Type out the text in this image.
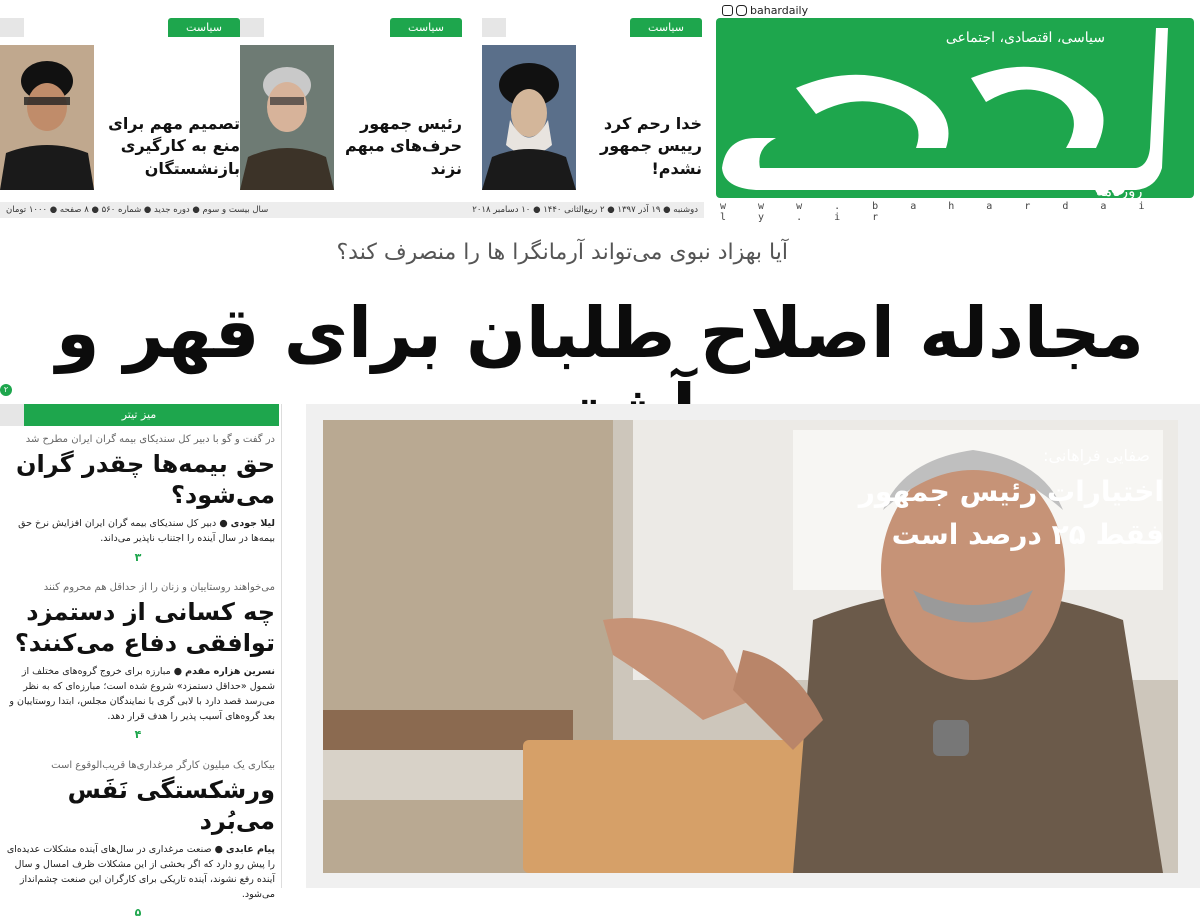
bahardaily
روزنامه
سیاسی، اقتصادی، اجتماعی
w w w . b a h a r d a i l y . i r
سیاست
خدا رحم کرد رییس جمهور نشدم!
سیاست
رئیس جمهور حرف‌های مبهم نزند
سیاست
تصمیم مهم برای منع به کارگیری بازنشستگان
دوشنبه ● ۱۹ آذر ۱۳۹۷ ● ۲ ربیع‌الثانی ۱۴۴۰ ● ۱۰ دسامبر ۲۰۱۸
سال بیست و سوم ● دوره جدید ● شماره ۵۶۰ ● ۸ صفحه ● ۱۰۰۰ تومان
آیا بهزاد نبوی می‌تواند آرمانگرا ها را منصرف کند؟
مجادله اصلاح طلبان برای قهر و
۲
میز تیتر
در گفت و گو با دبیر کل سندیکای بیمه گران ایران مطرح شد
حق بیمه‌ها چقدر گران می‌شود؟
لیلا جودی ● دبیر کل سندیکای بیمه گران ایران افزایش نرخ حق بیمه‌ها در سال آینده را اجتناب ناپذیر می‌داند.
۳
می‌خواهند روستاییان و زنان را از حداقل هم محروم کنند
چه کسانی از دستمزد توافقی دفاع می‌کنند؟
نسرین هزاره مقدم ● مبارزه برای خروج گروه‌های مختلف از شمول «حداقل دستمزد» شروع شده است؛ مبارزه‌ای که به نظر می‌رسد قصد دارد با لابی گری با نمایندگان مجلس، ابتدا روستاییان و بعد گروه‌های آسیب پذیر را هدف قرار دهد.
۴
بیکاری یک میلیون کارگر مرغداری‌ها قریب‌الوقوع است
ورشکستگی نَفَس می‌بُرد
پیام عابدی ● صنعت مرغداری در سال‌های آینده مشکلات عدیده‌ای را پیش رو دارد که اگر بخشی از این مشکلات ظرف امسال و سال آینده رفع نشوند، آینده تاریکی برای کارگران این صنعت چشم‌انداز می‌شود.
۵
صفایی فراهانی:
اختیارات رئیس جمهور فقط ۲۵ درصد است
